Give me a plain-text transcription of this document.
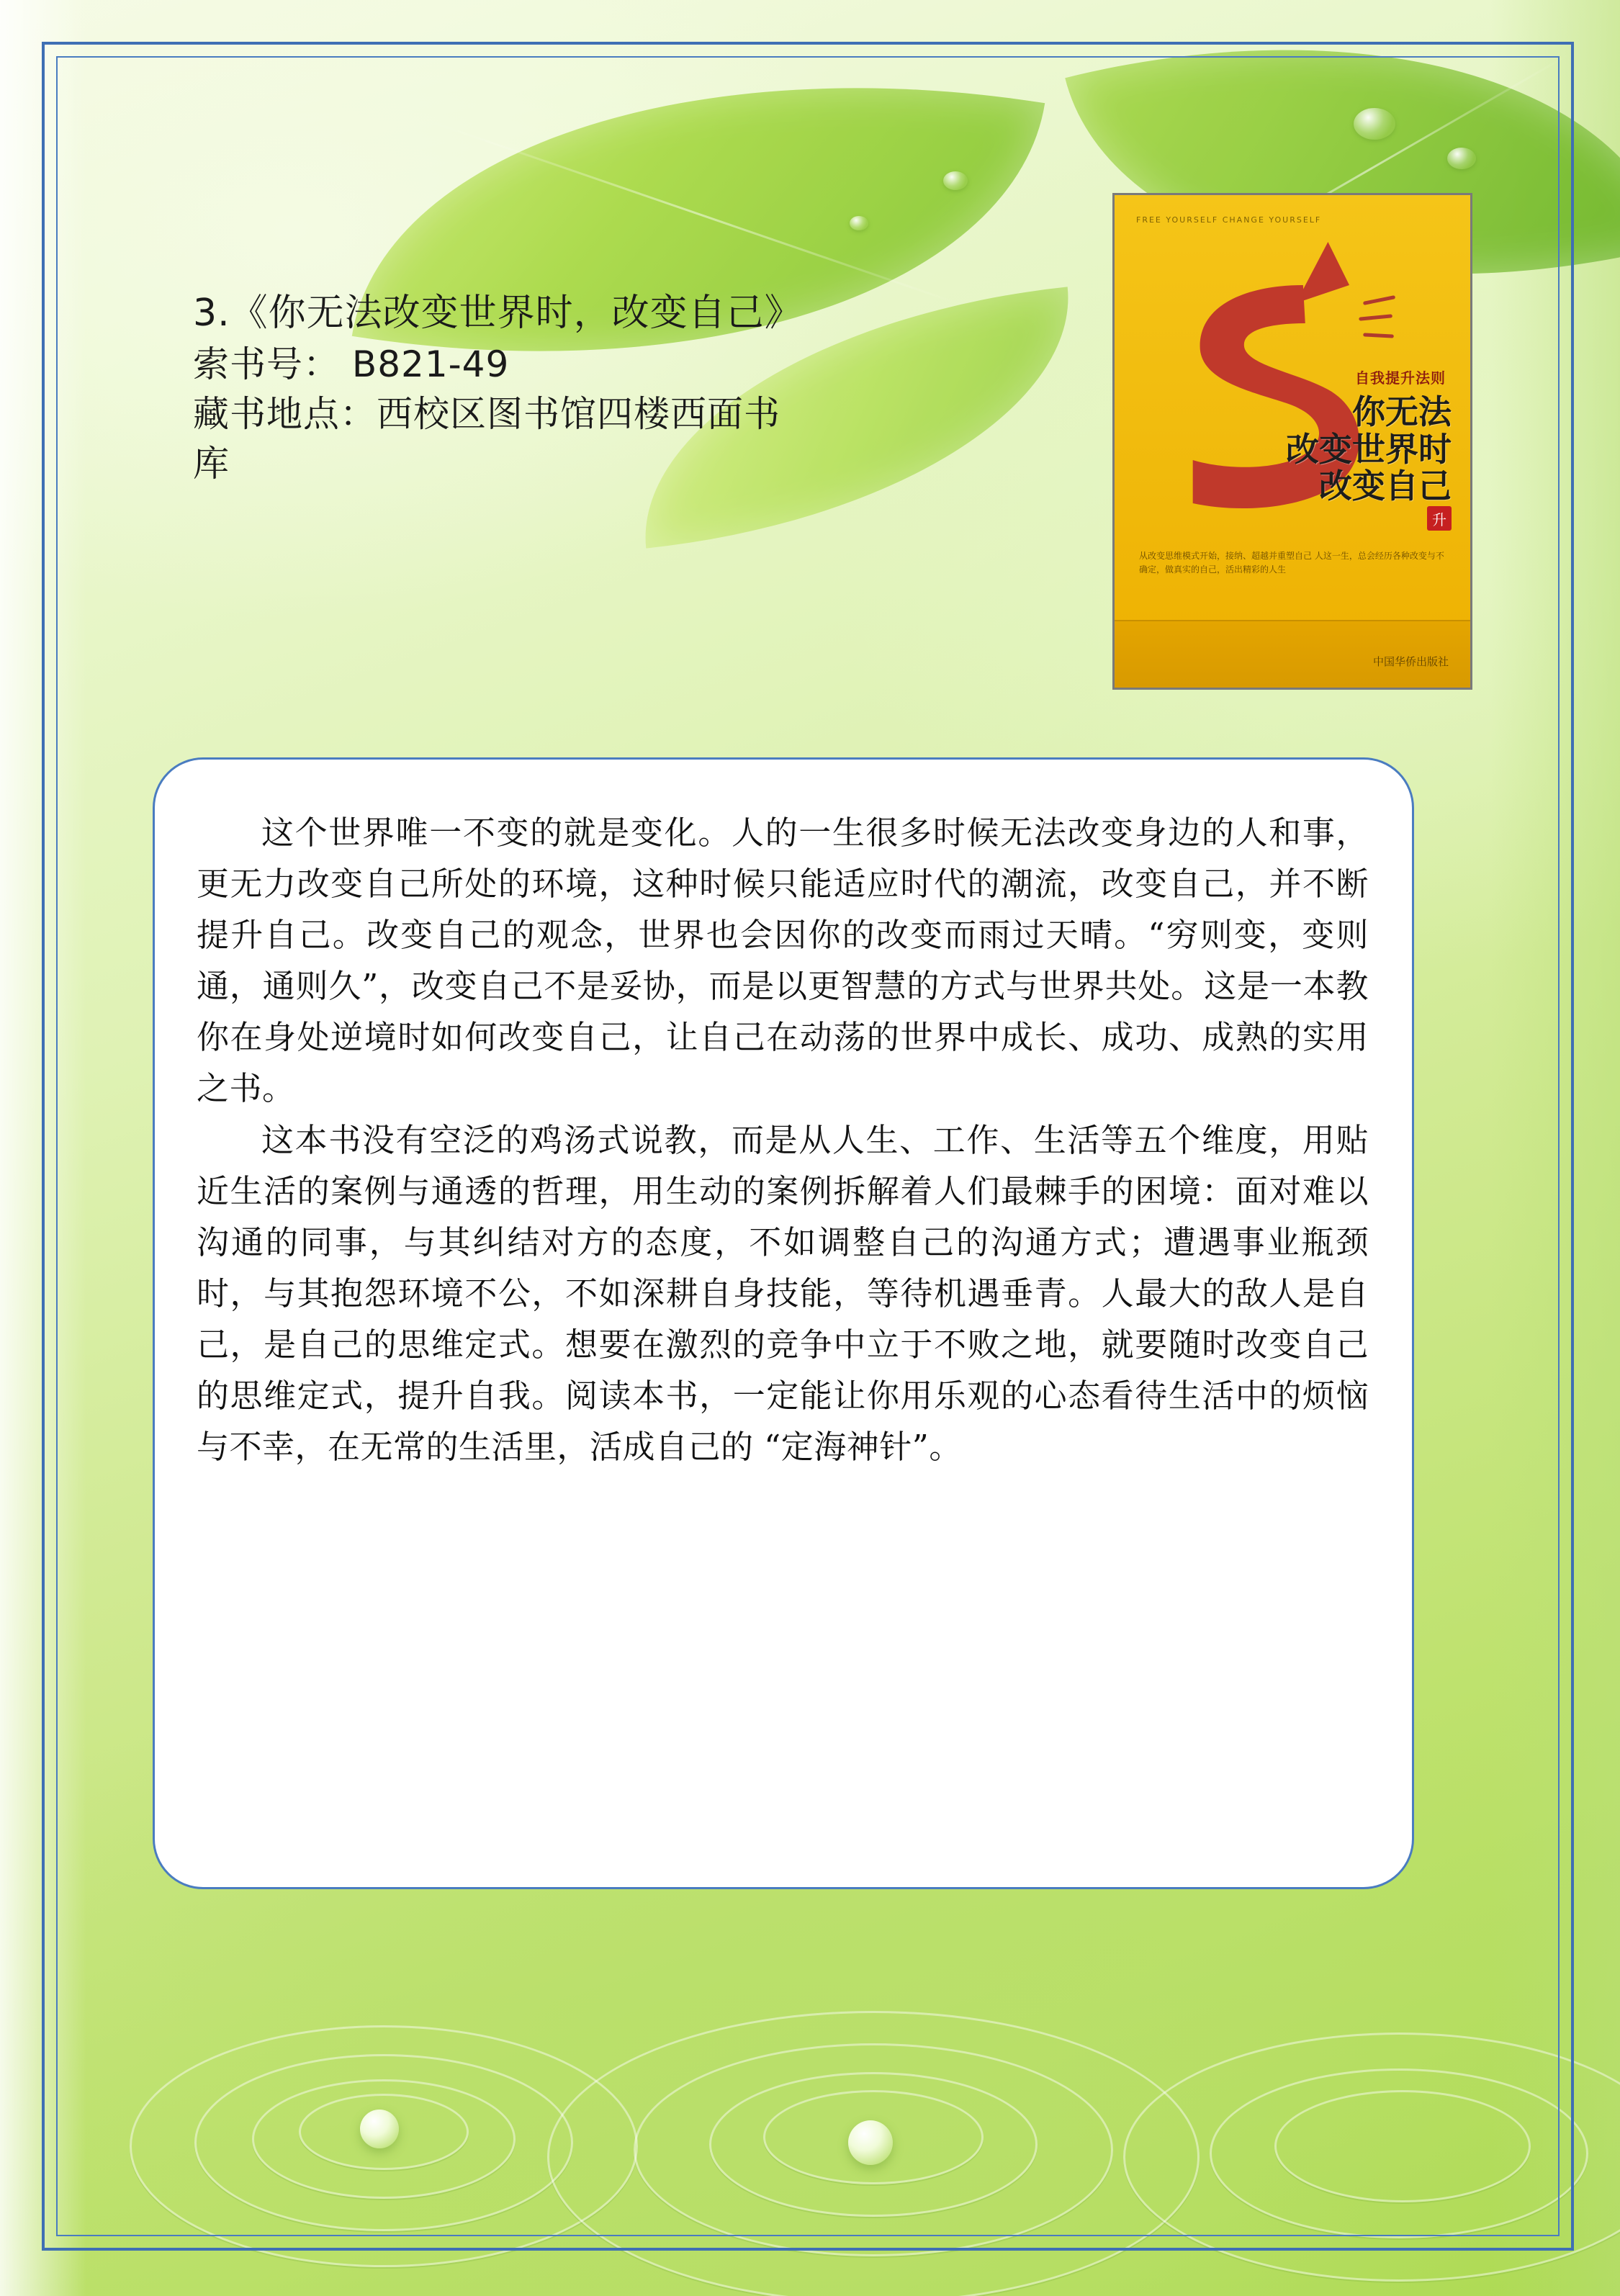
3.《你无法改变世界时，改变自己》
索书号： B821-49
藏书地点：西校区图书馆四楼西面书
库
FREE YOURSELF CHANGE YOURSELF
自我提升法则
你无法
改变世界时
改变自己
升
从改变思维模式开始，接纳、超越并重塑自己 人这一生，总会经历各种改变与不确定，做真实的自己，活出精彩的人生
中国华侨出版社

这个世界唯一不变的就是变化。人的一生很多时候无法改变身边的人和事，更无力改变自己所处的环境，这种时候只能适应时代的潮流，改变自己，并不断提升自己。改变自己的观念，世界也会因你的改变而雨过天晴。“穷则变，变则通，通则久”，改变自己不是妥协，而是以更智慧的方式与世界共处。这是一本教你在身处逆境时如何改变自己，让自己在动荡的世界中成长、成功、成熟的实用之书。

这本书没有空泛的鸡汤式说教，而是从人生、工作、生活等五个维度，用贴近生活的案例与通透的哲理，用生动的案例拆解着人们最棘手的困境：面对难以沟通的同事，与其纠结对方的态度，不如调整自己的沟通方式；遭遇事业瓶颈时，与其抱怨环境不公，不如深耕自身技能，等待机遇垂青。人最大的敌人是自己，是自己的思维定式。想要在激烈的竞争中立于不败之地，就要随时改变自己的思维定式，提升自我。阅读本书，一定能让你用乐观的心态看待生活中的烦恼与不幸，在无常的生活里，活成自己的 “定海神针”。
